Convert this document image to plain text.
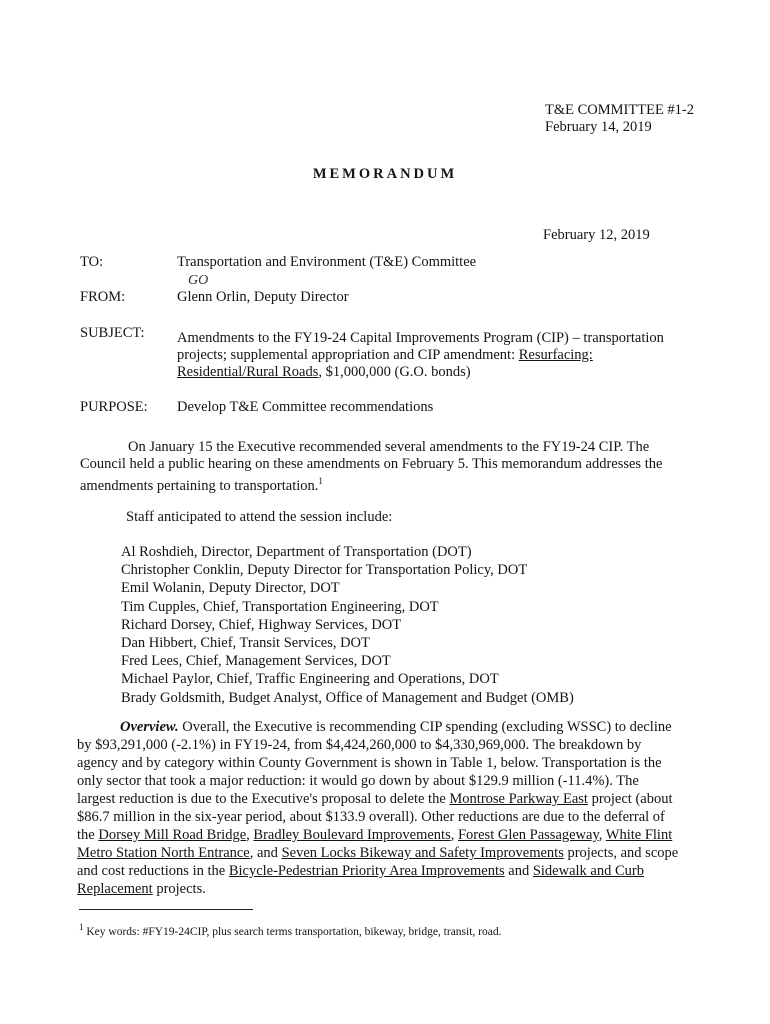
T&E COMMITTEE #1-2
February 14, 2019
MEMORANDUM
February 12, 2019
TO:	Transportation and Environment (T&E) Committee
GO
FROM:	Glenn Orlin, Deputy Director
SUBJECT: Amendments to the FY19-24 Capital Improvements Program (CIP) – transportation
projects; supplemental appropriation and CIP amendment: Resurfacing:
Residential/Rural Roads, $1,000,000 (G.O. bonds)
PURPOSE: Develop T&E Committee recommendations
On January 15 the Executive recommended several amendments to the FY19-24 CIP. The
Council held a public hearing on these amendments on February 5. This memorandum addresses the
amendments pertaining to transportation.$^1$
Staff anticipated to attend the session include:
Al Roshdieh, Director, Department of Transportation (DOT)
Christopher Conklin, Deputy Director for Transportation Policy, DOT
Emil Wolanin, Deputy Director, DOT
Tim Cupples, Chief, Transportation Engineering, DOT
Richard Dorsey, Chief, Highway Services, DOT
Dan Hibbert, Chief, Transit Services, DOT
Fred Lees, Chief, Management Services, DOT
Michael Paylor, Chief, Traffic Engineering and Operations, DOT
Brady Goldsmith, Budget Analyst, Office of Management and Budget (OMB)
Overview. Overall, the Executive is recommending CIP spending (excluding WSSC) to decline
by $93,291,000 (-2.1%) in FY19-24, from $4,424,260,000 to $4,330,969,000. The breakdown by
agency and by category within County Government is shown in Table 1, below. Transportation is the
only sector that took a major reduction: it would go down by about $129.9 million (-11.4%). The
largest reduction is due to the Executive's proposal to delete the Montrose Parkway East project (about
$86.7 million in the six-year period, about $133.9 overall). Other reductions are due to the deferral of
the Dorsey Mill Road Bridge, Bradley Boulevard Improvements, Forest Glen Passageway, White Flint
Metro Station North Entrance, and Seven Locks Bikeway and Safety Improvements projects, and scope
and cost reductions in the Bicycle-Pedestrian Priority Area Improvements and Sidewalk and Curb
Replacement projects.
$^1$ Key words: #FY19-24CIP, plus search terms transportation, bikeway, bridge, transit, road.
